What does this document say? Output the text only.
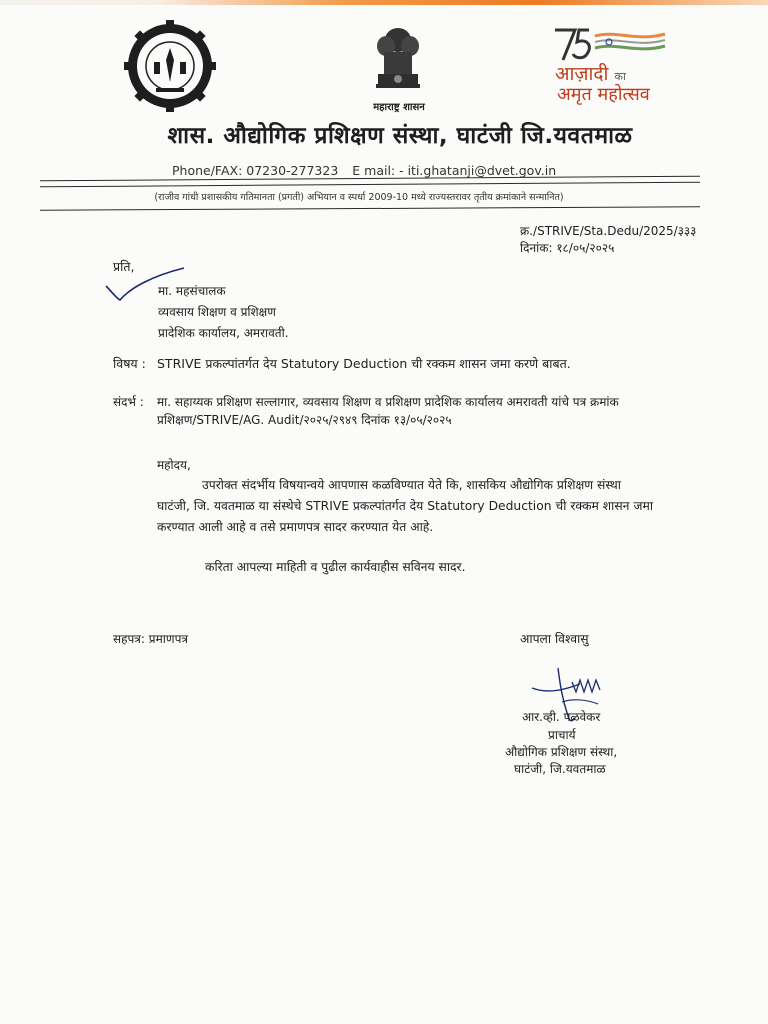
महाराष्ट्र शासन
आज़ादी का
अमृत महोत्सव
शास. औद्योगिक प्रशिक्षण संस्था, घाटंजी जि.यवतमाळ
Phone/FAX: 07230-277323 E mail: - iti.ghatanji@dvet.gov.in
(राजीव गांधी प्रशासकीय गतिमानता (प्रगती) अभियान व स्पर्धा 2009-10 मध्ये राज्यस्तरावर तृतीय क्रमांकाने सन्मानित)
क्र./STRIVE/Sta.Dedu/2025/३३३
दिनांक: १८/०५/२०२५
प्रति,
मा. महसंचालक
व्यवसाय शिक्षण व प्रशिक्षण
प्रादेशिक कार्यालय, अमरावती.
विषय : STRIVE प्रकल्पांतर्गत देय Statutory Deduction ची रक्कम शासन जमा करणे बाबत.
संदर्भ : मा. सहाय्यक प्रशिक्षण सल्लागार, व्यवसाय शिक्षण व प्रशिक्षण प्रादेशिक कार्यालय अमरावती यांचे पत्र क्रमांक
प्रशिक्षण/STRIVE/AG. Audit/२०२५/२९४९ दिनांक १३/०५/२०२५
महोदय,
उपरोक्त संदर्भीय विषयान्वये आपणास कळविण्यात येते कि, शासकिय औद्योगिक प्रशिक्षण संस्था
घाटंजी, जि. यवतमाळ या संस्थेचे STRIVE प्रकल्पांतर्गत देय Statutory Deduction ची रक्कम शासन जमा
करण्यात आली आहे व तसे प्रमाणपत्र सादर करण्यात येत आहे.
करिता आपल्या माहिती व पुढील कार्यवाहीस सविनय सादर.
सहपत्र: प्रमाणपत्र	आपला विश्वासु
आर.व्ही. पळवेकर
प्राचार्य
औद्योगिक प्रशिक्षण संस्था,
घाटंजी, जि.यवतमाळ
